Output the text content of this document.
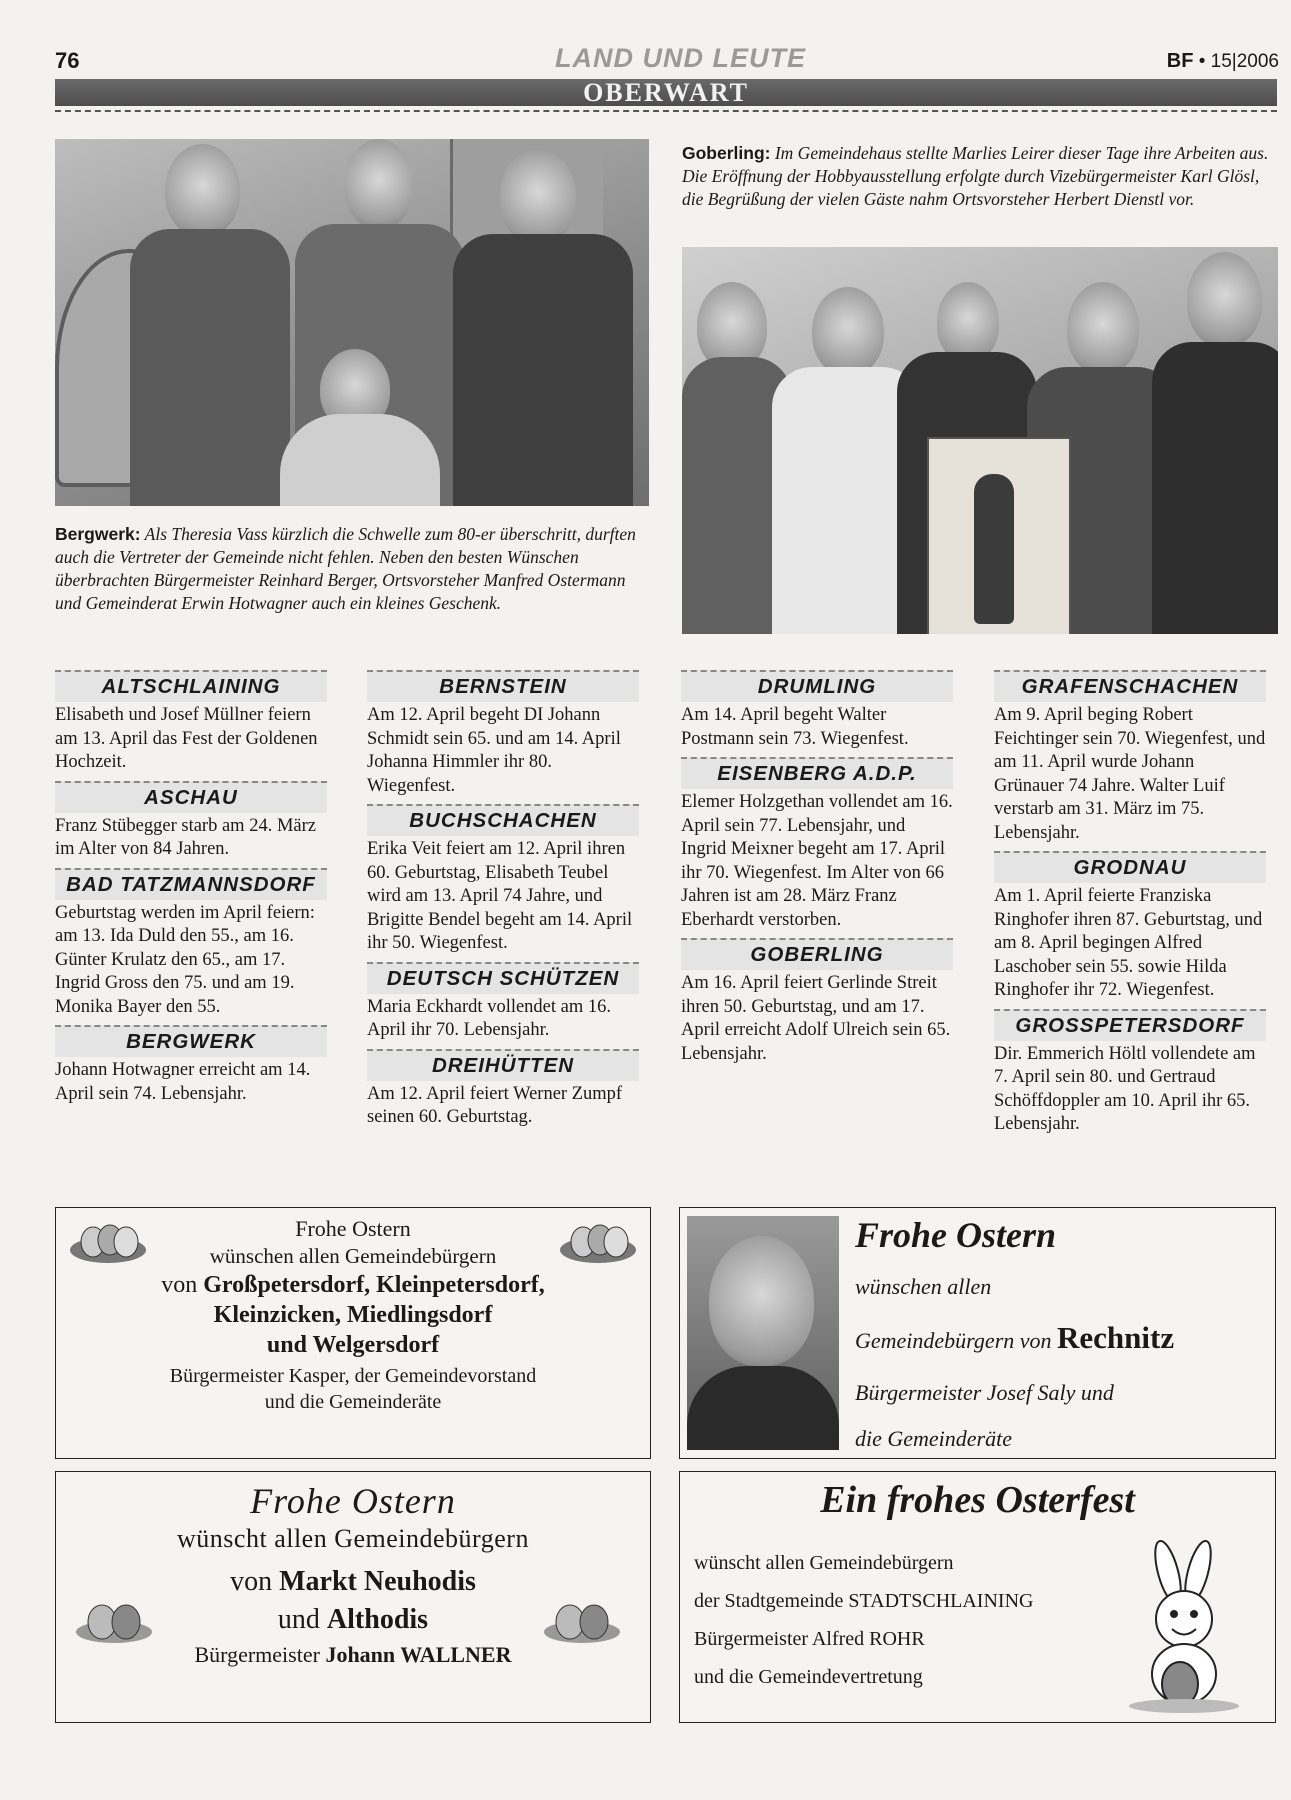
76	LAND UND LEUTE	BF • 15|2006
OBERWART
Bergwerk: Als Theresia Vass kürzlich die Schwelle zum 80-er überschritt, durften auch die Vertreter der Gemeinde nicht fehlen. Neben den besten Wünschen überbrachten Bürgermeister Reinhard Berger, Ortsvorsteher Manfred Ostermann und Gemeinderat Erwin Hotwagner auch ein kleines Geschenk.
Goberling: Im Gemeindehaus stellte Marlies Leirer dieser Tage ihre Arbeiten aus. Die Eröffnung der Hobbyausstellung erfolgte durch Vizebürgermeister Karl Glösl, die Begrüßung der vielen Gäste nahm Ortsvorsteher Herbert Dienstl vor.
ALTSCHLAINING
Elisabeth und Josef Müllner feiern am 13. April das Fest der Goldenen Hochzeit.
ASCHAU
Franz Stübegger starb am 24. März im Alter von 84 Jahren.
BAD TATZMANNSDORF
Geburtstag werden im April feiern: am 13. Ida Duld den 55., am 16. Günter Krulatz den 65., am 17. Ingrid Gross den 75. und am 19. Monika Bayer den 55.
BERGWERK
Johann Hotwagner erreicht am 14. April sein 74. Lebensjahr.
BERNSTEIN
Am 12. April begeht DI Johann Schmidt sein 65. und am 14. April Johanna Himmler ihr 80. Wiegenfest.
BUCHSCHACHEN
Erika Veit feiert am 12. April ihren 60. Geburtstag, Elisabeth Teubel wird am 13. April 74 Jahre, und Brigitte Bendel begeht am 14. April ihr 50. Wiegenfest.
DEUTSCH SCHÜTZEN
Maria Eckhardt vollendet am 16. April ihr 70. Lebensjahr.
DREIHÜTTEN
Am 12. April feiert Werner Zumpf seinen 60. Geburtstag.
DRUMLING
Am 14. April begeht Walter Postmann sein 73. Wiegenfest.
EISENBERG A.D.P.
Elemer Holzgethan vollendet am 16. April sein 77. Lebensjahr, und Ingrid Meixner begeht am 17. April ihr 70. Wiegenfest. Im Alter von 66 Jahren ist am 28. März Franz Eberhardt verstorben.
GOBERLING
Am 16. April feiert Gerlinde Streit ihren 50. Geburtstag, und am 17. April erreicht Adolf Ulreich sein 65. Lebensjahr.
GRAFENSCHACHEN
Am 9. April beging Robert Feichtinger sein 70. Wiegenfest, und am 11. April wurde Johann Grünauer 74 Jahre. Walter Luif verstarb am 31. März im 75. Lebensjahr.
GRODNAU
Am 1. April feierte Franziska Ringhofer ihren 87. Geburtstag, und am 8. April begingen Alfred Laschober sein 55. sowie Hilda Ringhofer ihr 72. Wiegenfest.
GROSSPETERSDORF
Dir. Emmerich Höltl vollendete am 7. April sein 80. und Gertraud Schöffdoppler am 10. April ihr 65. Lebensjahr.
Frohe Ostern
wünschen allen Gemeindebürgern
von Großpetersdorf, Kleinpetersdorf,
Kleinzicken, Miedlingsdorf
und Welgersdorf
Bürgermeister Kasper, der Gemeindevorstand
und die Gemeinderäte
Frohe Ostern
wünschen allen
Gemeindebürgern von Rechnitz
Bürgermeister Josef Saly und
die Gemeinderäte
Frohe Ostern
wünscht allen Gemeindebürgern
von Markt Neuhodis
und Althodis
Bürgermeister Johann WALLNER
Ein frohes Osterfest
wünscht allen Gemeindebürgern
der Stadtgemeinde STADTSCHLAINING
Bürgermeister Alfred ROHR
und die Gemeindevertretung
